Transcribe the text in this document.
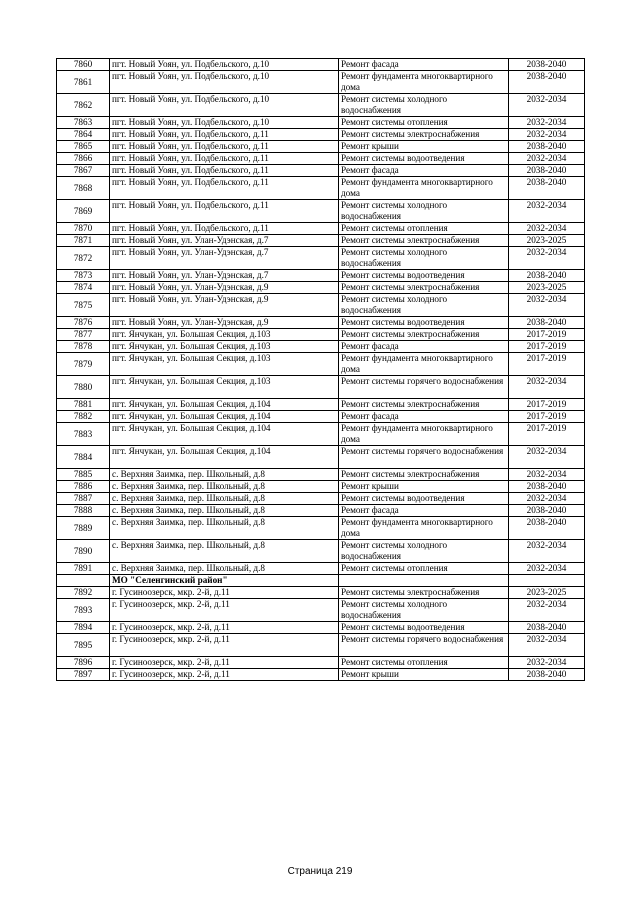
7860	пгт. Новый Уоян, ул. Подбельского, д.10	Ремонт фасада	2038-2040
7861	пгт. Новый Уоян, ул. Подбельского, д.10	Ремонт фундамента многоквартирного дома	2038-2040
7862	пгт. Новый Уоян, ул. Подбельского, д.10	Ремонт системы холодного водоснабжения	2032-2034
7863	пгт. Новый Уоян, ул. Подбельского, д.10	Ремонт системы отопления	2032-2034
7864	пгт. Новый Уоян, ул. Подбельского, д.11	Ремонт системы электроснабжения	2032-2034
7865	пгт. Новый Уоян, ул. Подбельского, д.11	Ремонт крыши	2038-2040
7866	пгт. Новый Уоян, ул. Подбельского, д.11	Ремонт системы водоотведения	2032-2034
7867	пгт. Новый Уоян, ул. Подбельского, д.11	Ремонт фасада	2038-2040
7868	пгт. Новый Уоян, ул. Подбельского, д.11	Ремонт фундамента многоквартирного дома	2038-2040
7869	пгт. Новый Уоян, ул. Подбельского, д.11	Ремонт системы холодного водоснабжения	2032-2034
7870	пгт. Новый Уоян, ул. Подбельского, д.11	Ремонт системы отопления	2032-2034
7871	пгт. Новый Уоян, ул. Улан-Удэнская, д.7	Ремонт системы электроснабжения	2023-2025
7872	пгт. Новый Уоян, ул. Улан-Удэнская, д.7	Ремонт системы холодного водоснабжения	2032-2034
7873	пгт. Новый Уоян, ул. Улан-Удэнская, д.7	Ремонт системы водоотведения	2038-2040
7874	пгт. Новый Уоян, ул. Улан-Удэнская, д.9	Ремонт системы электроснабжения	2023-2025
7875	пгт. Новый Уоян, ул. Улан-Удэнская, д.9	Ремонт системы холодного водоснабжения	2032-2034
7876	пгт. Новый Уоян, ул. Улан-Удэнская, д.9	Ремонт системы водоотведения	2038-2040
7877	пгт. Янчукан, ул. Большая Секция, д.103	Ремонт системы электроснабжения	2017-2019
7878	пгт. Янчукан, ул. Большая Секция, д.103	Ремонт фасада	2017-2019
7879	пгт. Янчукан, ул. Большая Секция, д.103	Ремонт фундамента многоквартирного дома	2017-2019
7880	пгт. Янчукан, ул. Большая Секция, д.103	Ремонт системы горячего водоснабжения	2032-2034
7881	пгт. Янчукан, ул. Большая Секция, д.104	Ремонт системы электроснабжения	2017-2019
7882	пгт. Янчукан, ул. Большая Секция, д.104	Ремонт фасада	2017-2019
7883	пгт. Янчукан, ул. Большая Секция, д.104	Ремонт фундамента многоквартирного дома	2017-2019
7884	пгт. Янчукан, ул. Большая Секция, д.104	Ремонт системы горячего водоснабжения	2032-2034
7885	с. Верхняя Заимка, пер. Школьный, д.8	Ремонт системы электроснабжения	2032-2034
7886	с. Верхняя Заимка, пер. Школьный, д.8	Ремонт крыши	2038-2040
7887	с. Верхняя Заимка, пер. Школьный, д.8	Ремонт системы водоотведения	2032-2034
7888	с. Верхняя Заимка, пер. Школьный, д.8	Ремонт фасада	2038-2040
7889	с. Верхняя Заимка, пер. Школьный, д.8	Ремонт фундамента многоквартирного дома	2038-2040
7890	с. Верхняя Заимка, пер. Школьный, д.8	Ремонт системы холодного водоснабжения	2032-2034
7891	с. Верхняя Заимка, пер. Школьный, д.8	Ремонт системы отопления	2032-2034
	МО "Селенгинский район"		
7892	г. Гусиноозерск, мкр. 2-й, д.11	Ремонт системы электроснабжения	2023-2025
7893	г. Гусиноозерск, мкр. 2-й, д.11	Ремонт системы холодного водоснабжения	2032-2034
7894	г. Гусиноозерск, мкр. 2-й, д.11	Ремонт системы водоотведения	2038-2040
7895	г. Гусиноозерск, мкр. 2-й, д.11	Ремонт системы горячего водоснабжения	2032-2034
7896	г. Гусиноозерск, мкр. 2-й, д.11	Ремонт системы отопления	2032-2034
7897	г. Гусиноозерск, мкр. 2-й, д.11	Ремонт крыши	2038-2040
Страница 219
